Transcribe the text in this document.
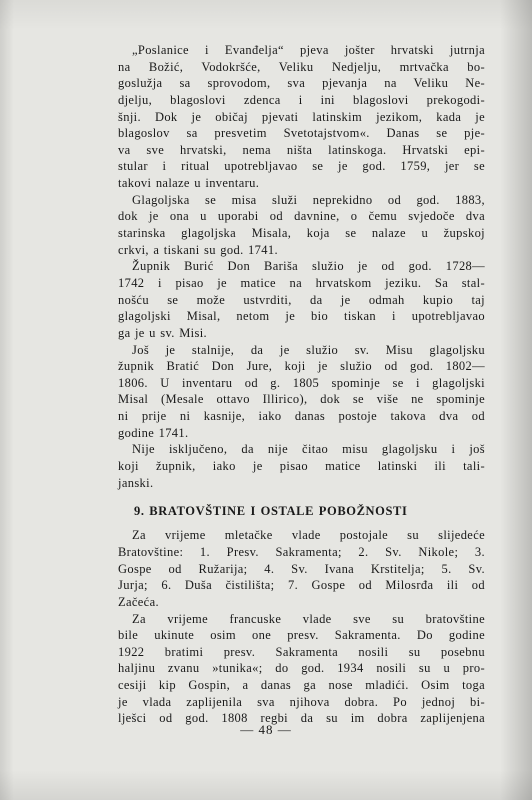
„Poslanice i Evanđelja“ pjeva jošter hrvatski jutrnja
na Božić, Vodokršće, Veliku Nedjelju, mrtvačka bo-
goslužja sa sprovodom, sva pjevanja na Veliku Ne-
djelju, blagoslovi zdenca i ini blagoslovi prekogodi-
šnji. Dok je običaj pjevati latinskim jezikom, kada je
blagoslov sa presvetim Svetotajstvom«. Danas se pje-
va sve hrvatski, nema ništa latinskoga. Hrvatski epi-
stular i ritual upotrebljavao se je god. 1759, jer se
takovi nalaze u inventaru.
Glagoljska se misa služi neprekidno od god. 1883,
dok je ona u uporabi od davnine, o čemu svjedoče dva
starinska glagoljska Misala, koja se nalaze u župskoj
crkvi, a tiskani su god. 1741.
Župnik Burić Don Bariša služio je od god. 1728—
1742 i pisao je matice na hrvatskom jeziku. Sa stal-
nošću se može ustvrditi, da je odmah kupio taj
glagoljski Misal, netom je bio tiskan i upotrebljavao
ga je u sv. Misi.
Još je stalnije, da je služio sv. Misu glagoljsku
župnik Bratić Don Jure, koji je služio od god. 1802—
1806. U inventaru od g. 1805 spominje se i glagoljski
Misal (Mesale ottavo Illirico), dok se više ne spominje
ni prije ni kasnije, iako danas postoje takova dva od
godine 1741.
Nije isključeno, da nije čitao misu glagoljsku i još
koji župnik, iako je pisao matice latinski ili tali-
janski.
9. BRATOVŠTINE I OSTALE POBOŽNOSTI
Za vrijeme mletačke vlade postojale su slijedeće
Bratovštine: 1. Presv. Sakramenta; 2. Sv. Nikole; 3.
Gospe od Ružarija; 4. Sv. Ivana Krstitelja; 5. Sv.
Jurja; 6. Duša čistilišta; 7. Gospe od Milosrđa ili od
Začeća.
Za vrijeme francuske vlade sve su bratovštine
bile ukinute osim one presv. Sakramenta. Do godine
1922 bratimi presv. Sakramenta nosili su posebnu
haljinu zvanu »tunika«; do god. 1934 nosili su u pro-
cesiji kip Gospin, a danas ga nose mladići. Osim toga
je vlada zaplijenila sva njihova dobra. Po jednoj bi-
lješci od god. 1808 regbi da su im dobra zaplijenjena
— 48 —
